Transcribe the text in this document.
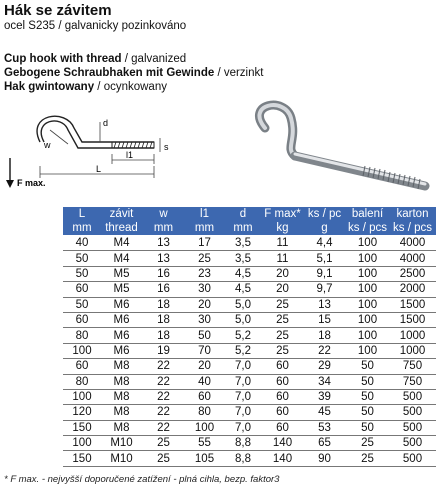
Hák se závitem
ocel S235 / galvanicky pozinkováno
Cup hook with thread / galvanized
Gebogene Schraubhaken mit Gewinde / verzinkt
Hak gwintowany / ocynkowany
w
d
s
l1
L
F max.
L	závit	w	l1	d	F max*	ks / pc	balení	karton
mm	thread	mm	mm	mm	kg	g	ks / pcs	ks / pcs
40	M4	13	17	3,5	11	4,4	100	4000
50	M4	13	25	3,5	11	5,1	100	4000
50	M5	16	23	4,5	20	9,1	100	2500
60	M5	16	30	4,5	20	9,7	100	2000
50	M6	18	20	5,0	25	13	100	1500
60	M6	18	30	5,0	25	15	100	1500
80	M6	18	50	5,2	25	18	100	1000
100	M6	19	70	5,2	25	22	100	1000
60	M8	22	20	7,0	60	29	50	750
80	M8	22	40	7,0	60	34	50	750
100	M8	22	60	7,0	60	39	50	500
120	M8	22	80	7,0	60	45	50	500
150	M8	22	100	7,0	60	53	50	500
100	M10	25	55	8,8	140	65	25	500
150	M10	25	105	8,8	140	90	25	500
* F max. - nejvyšší doporučené zatížení - plná cihla, bezp. faktor3
